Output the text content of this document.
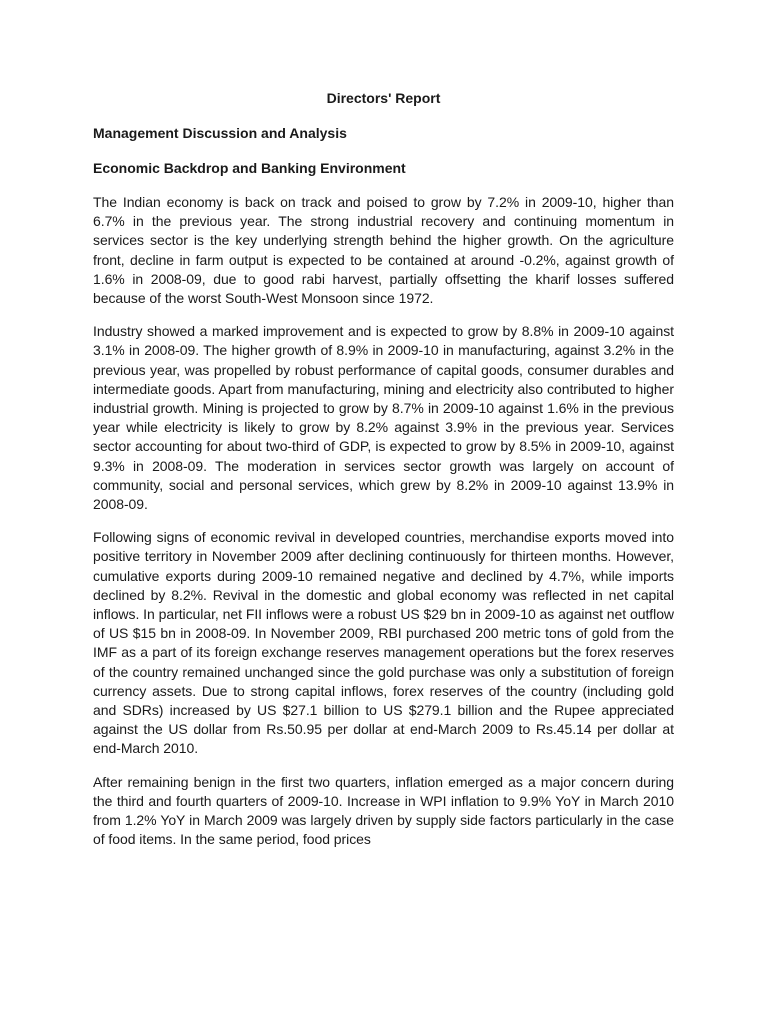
Directors' Report
Management Discussion and Analysis
Economic Backdrop and Banking Environment

The Indian economy is back on track and poised to grow by 7.2% in 2009-10, higher than 6.7% in the previous year. The strong industrial recovery and continuing momentum in services sector is the key underlying strength behind the higher growth. On the agriculture front, decline in farm output is expected to be contained at around -0.2%, against growth of 1.6% in 2008-09, due to good rabi harvest, partially offsetting the kharif losses suffered because of the worst South-West Monsoon since 1972.

Industry showed a marked improvement and is expected to grow by 8.8% in 2009-10 against 3.1% in 2008-09. The higher growth of 8.9% in 2009-10 in manufacturing, against 3.2% in the previous year, was propelled by robust performance of capital goods, consumer durables and intermediate goods. Apart from manufacturing, mining and electricity also contributed to higher industrial growth. Mining is projected to grow by 8.7% in 2009-10 against 1.6% in the previous year while electricity is likely to grow by 8.2% against 3.9% in the previous year. Services sector accounting for about two-third of GDP, is expected to grow by 8.5% in 2009-10, against 9.3% in 2008-09. The moderation in services sector growth was largely on account of community, social and personal services, which grew by 8.2% in 2009-10 against 13.9% in 2008-09.

Following signs of economic revival in developed countries, merchandise exports moved into positive territory in November 2009 after declining continuously for thirteen months. However, cumulative exports during 2009-10 remained negative and declined by 4.7%, while imports declined by 8.2%. Revival in the domestic and global economy was reflected in net capital inflows. In particular, net FII inflows were a robust US $29 bn in 2009-10 as against net outflow of US $15 bn in 2008-09. In November 2009, RBI purchased 200 metric tons of gold from the IMF as a part of its foreign exchange reserves management operations but the forex reserves of the country remained unchanged since the gold purchase was only a substitution of foreign currency assets. Due to strong capital inflows, forex reserves of the country (including gold and SDRs) increased by US $27.1 billion to US $279.1 billion and the Rupee appreciated against the US dollar from Rs.50.95 per dollar at end-March 2009 to Rs.45.14 per dollar at end-March 2010.

After remaining benign in the first two quarters, inflation emerged as a major concern during the third and fourth quarters of 2009-10. Increase in WPI inflation to 9.9% YoY in March 2010 from 1.2% YoY in March 2009 was largely driven by supply side factors particularly in the case of food items. In the same period, food prices
